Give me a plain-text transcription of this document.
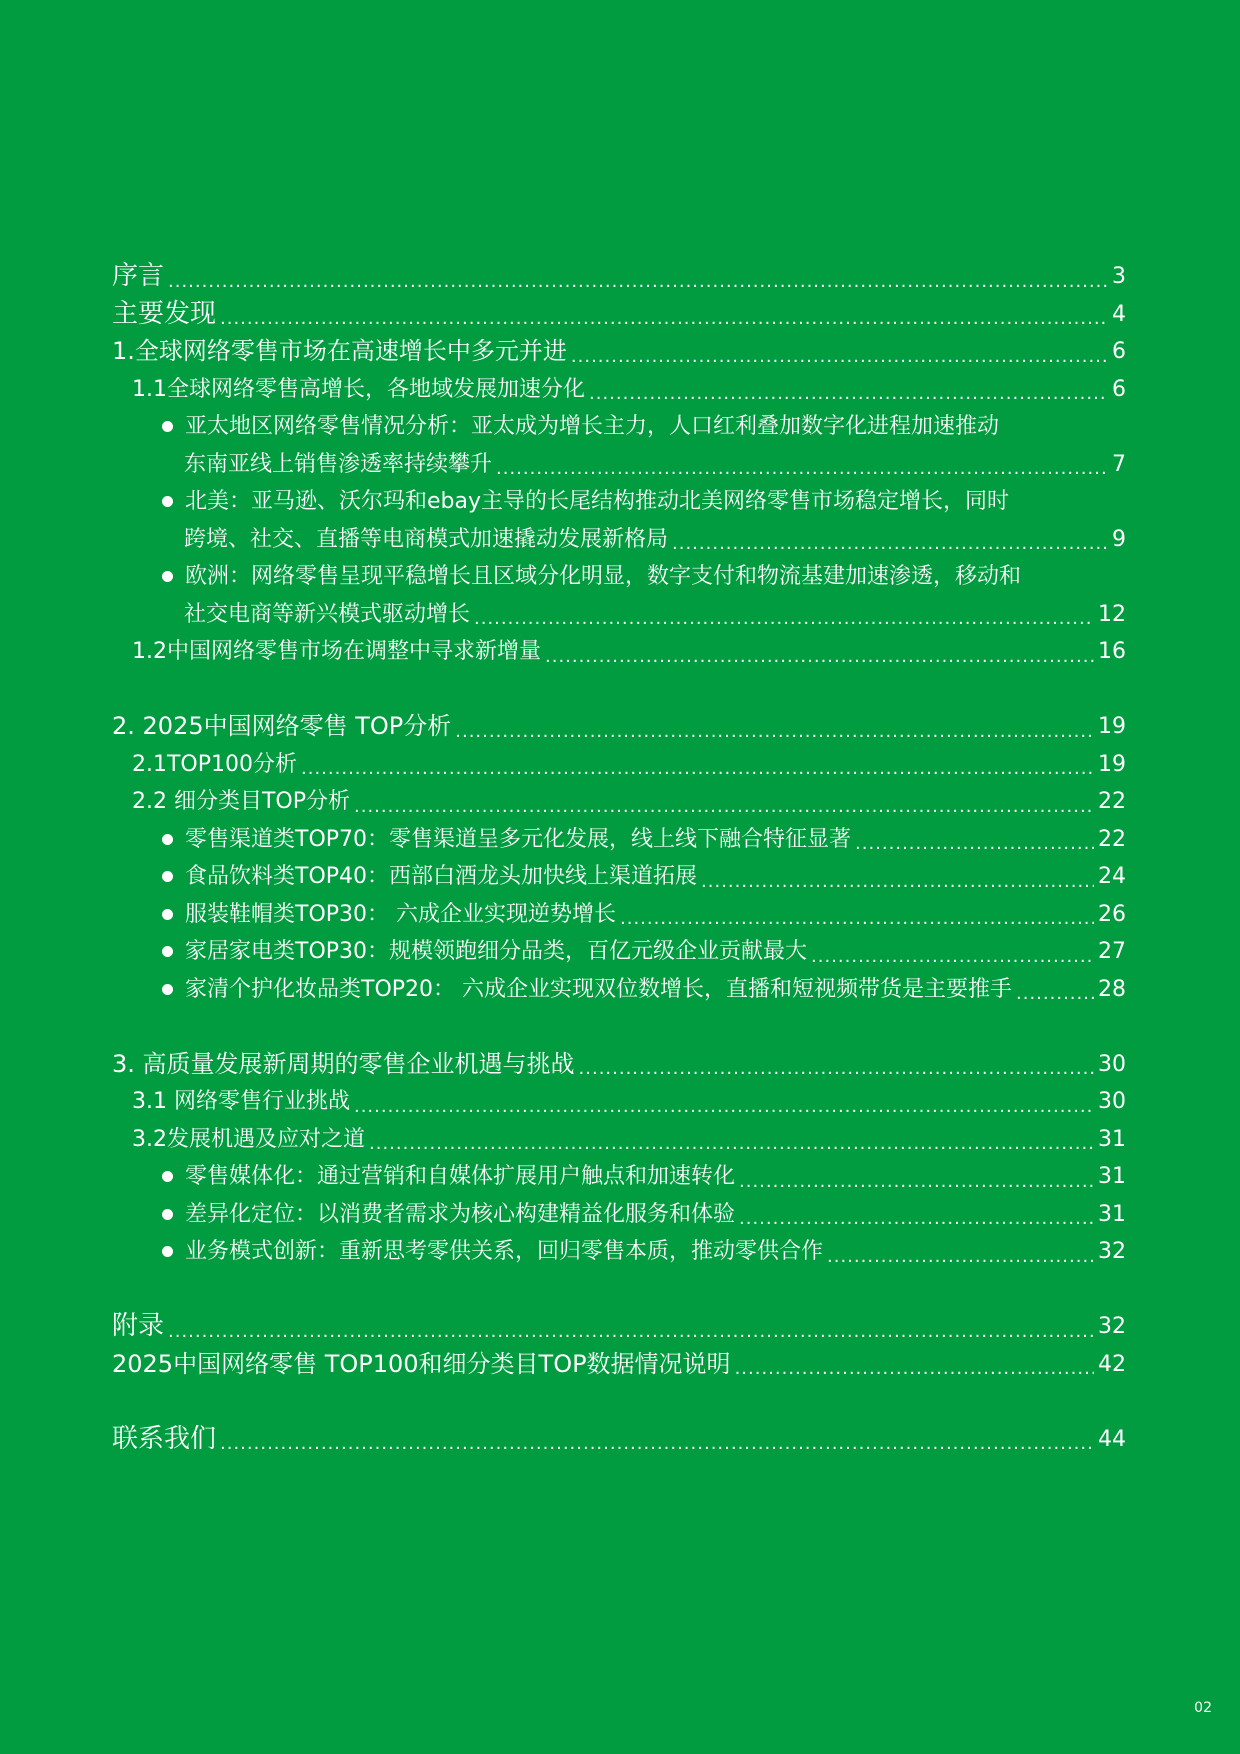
序言 .....	3
主要发现 .....	4
1.全球网络零售市场在高速增长中多元并进 .....	6
1.1全球网络零售高增长，各地域发展加速分化 .....	6
亚太地区网络零售情况分析：亚太成为增长主力，人口红利叠加数字化进程加速推动
东南亚线上销售渗透率持续攀升 .....	7
北美：亚马逊、沃尔玛和ebay主导的长尾结构推动北美网络零售市场稳定增长，同时
跨境、社交、直播等电商模式加速撬动发展新格局 .....	9
欧洲：网络零售呈现平稳增长且区域分化明显，数字支付和物流基建加速渗透，移动和
社交电商等新兴模式驱动增长 .....	12
1.2中国网络零售市场在调整中寻求新增量 .....	16
2. 2025中国网络零售 TOP分析 .....	19
2.1TOP100分析 .....	19
2.2 细分类目TOP分析 .....	22
零售渠道类TOP70：零售渠道呈多元化发展，线上线下融合特征显著 .....	22
食品饮料类TOP40：西部白酒龙头加快线上渠道拓展 .....	24
服装鞋帽类TOP30： 六成企业实现逆势增长 .....	26
家居家电类TOP30：规模领跑细分品类，百亿元级企业贡献最大 .....	27
家清个护化妆品类TOP20： 六成企业实现双位数增长，直播和短视频带货是主要推手 .....	28
3. 高质量发展新周期的零售企业机遇与挑战 .....	30
3.1 网络零售行业挑战 .....	30
3.2发展机遇及应对之道 .....	31
零售媒体化：通过营销和自媒体扩展用户触点和加速转化 .....	31
差异化定位：以消费者需求为核心构建精益化服务和体验 .....	31
业务模式创新：重新思考零供关系，回归零售本质，推动零供合作 .....	32
附录 .....	32
2025中国网络零售 TOP100和细分类目TOP数据情况说明 .....	42
联系我们 .....	44
02
